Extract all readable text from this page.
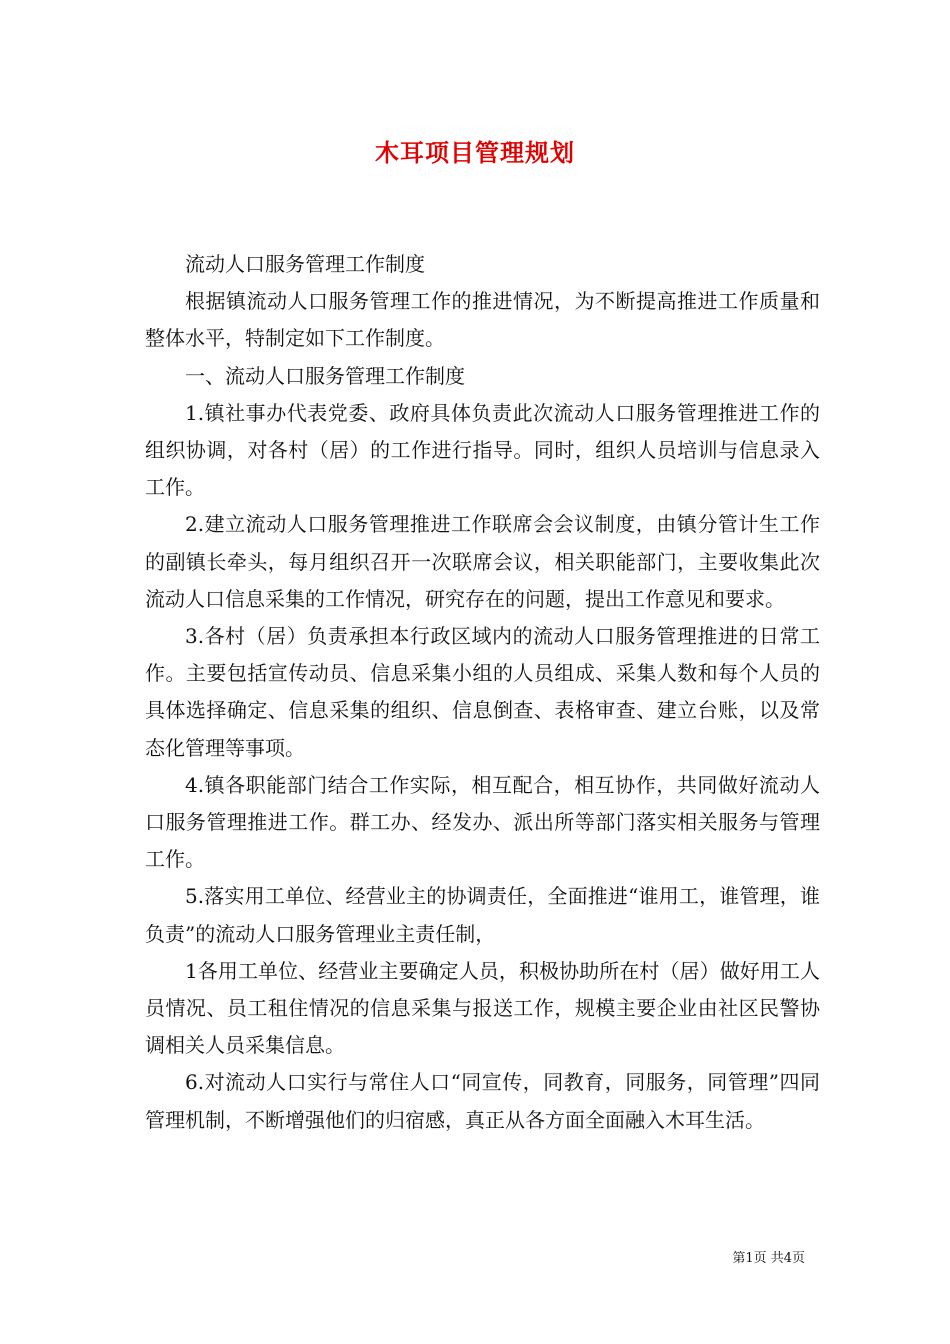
木耳项目管理规划

流动人口服务管理工作制度

根据镇流动人口服务管理工作的推进情况，为不断提高推进工作质量和整体水平，特制定如下工作制度。

一、流动人口服务管理工作制度

1.镇社事办代表党委、政府具体负责此次流动人口服务管理推进工作的组织协调，对各村（居）的工作进行指导。同时，组织人员培训与信息录入工作。

2.建立流动人口服务管理推进工作联席会会议制度，由镇分管计生工作的副镇长牵头，每月组织召开一次联席会议，相关职能部门，主要收集此次流动人口信息采集的工作情况，研究存在的问题，提出工作意见和要求。

3.各村（居）负责承担本行政区域内的流动人口服务管理推进的日常工作。主要包括宣传动员、信息采集小组的人员组成、采集人数和每个人员的具体选择确定、信息采集的组织、信息倒查、表格审查、建立台账，以及常态化管理等事项。

4.镇各职能部门结合工作实际，相互配合，相互协作，共同做好流动人口服务管理推进工作。群工办、经发办、派出所等部门落实相关服务与管理工作。

5.落实用工单位、经营业主的协调责任，全面推进“谁用工，谁管理，谁负责”的流动人口服务管理业主责任制，

1各用工单位、经营业主要确定人员，积极协助所在村（居）做好用工人员情况、员工租住情况的信息采集与报送工作，规模主要企业由社区民警协调相关人员采集信息。

6.对流动人口实行与常住人口“同宣传，同教育，同服务，同管理”四同管理机制，不断增强他们的归宿感，真正从各方面全面融入木耳生活。

第1页 共4页
